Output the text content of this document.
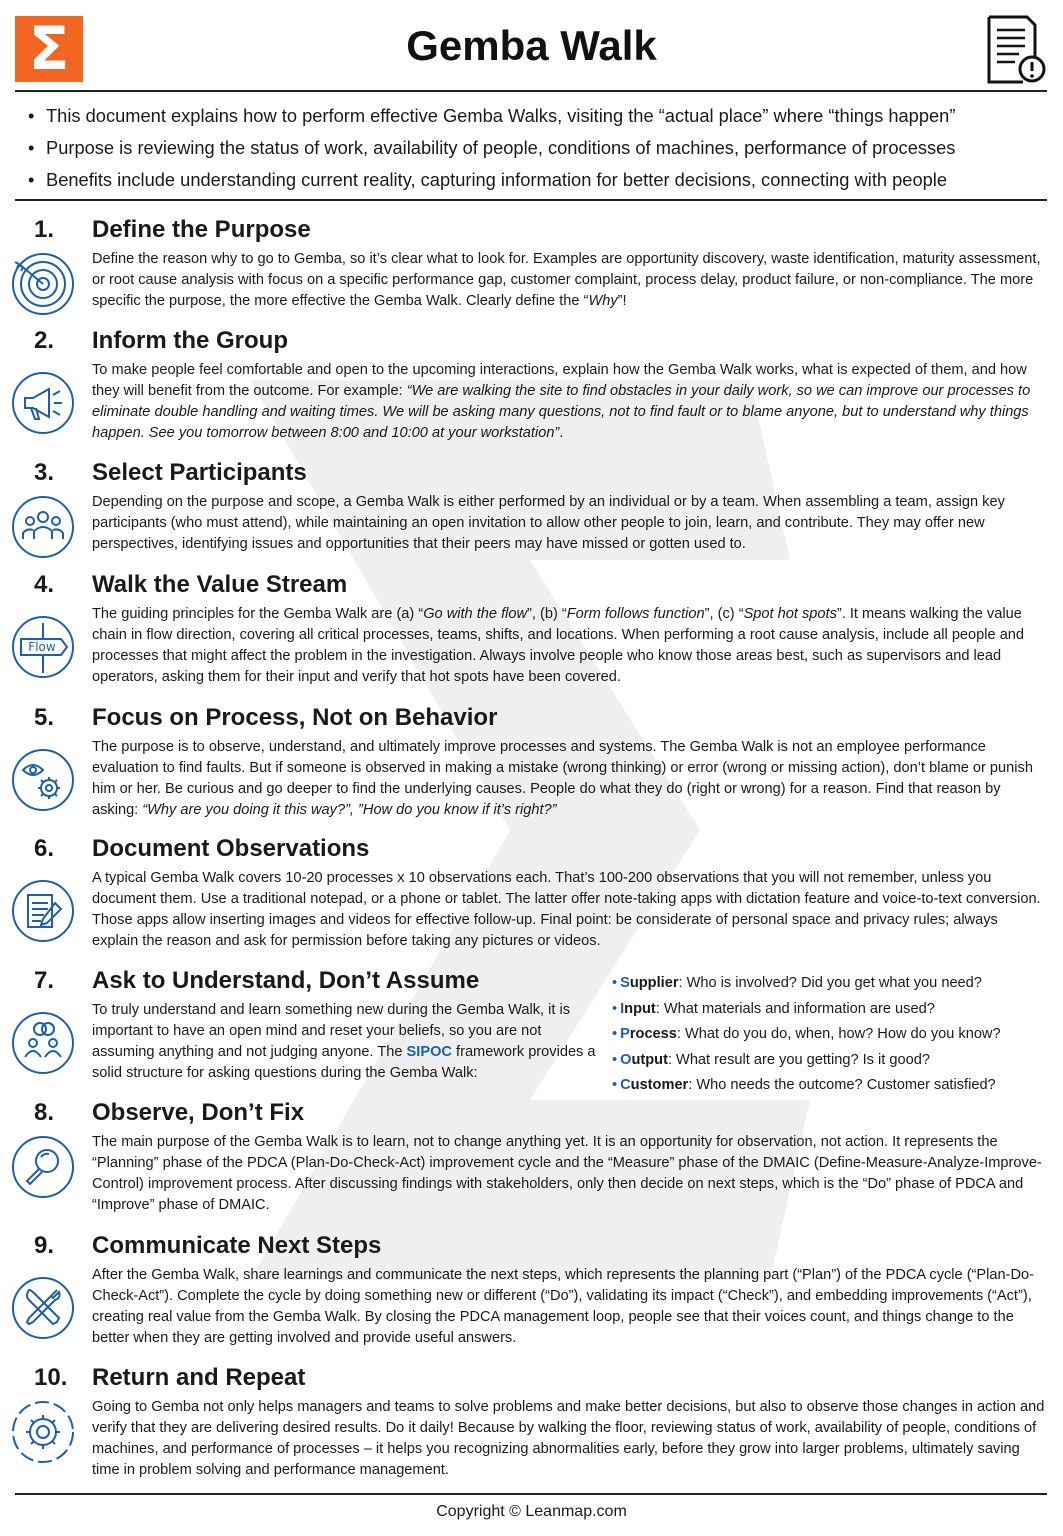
Σ	Gemba Walk
• This document explains how to perform effective Gemba Walks, visiting the “actual place” where “things happen”
• Purpose is reviewing the status of work, availability of people, conditions of machines, performance of processes
• Benefits include understanding current reality, capturing information for better decisions, connecting with people
1. Define the Purpose

Define the reason why to go to Gemba, so it’s clear what to look for. Examples are opportunity discovery, waste identification, maturity assessment, or root cause analysis with focus on a specific performance gap, customer complaint, process delay, product failure, or non-compliance. The more specific the purpose, the more effective the Gemba Walk. Clearly define the “Why”!

2. Inform the Group

To make people feel comfortable and open to the upcoming interactions, explain how the Gemba Walk works, what is expected of them, and how they will benefit from the outcome. For example: “We are walking the site to find obstacles in your daily work, so we can improve our processes to eliminate double handling and waiting times. We will be asking many questions, not to find fault or to blame anyone, but to understand why things happen. See you tomorrow between 8:00 and 10:00 at your workstation”.

3. Select Participants

Depending on the purpose and scope, a Gemba Walk is either performed by an individual or by a team. When assembling a team, assign key participants (who must attend), while maintaining an open invitation to allow other people to join, learn, and contribute. They may offer new perspectives, identifying issues and opportunities that their peers may have missed or gotten used to.

4. Walk the Value Stream
Flow

The guiding principles for the Gemba Walk are (a) “Go with the flow”, (b) “Form follows function”, (c) “Spot hot spots”. It means walking the value chain in flow direction, covering all critical processes, teams, shifts, and locations. When performing a root cause analysis, include all people and processes that might affect the problem in the investigation. Always involve people who know those areas best, such as supervisors and lead operators, asking them for their input and verify that hot spots have been covered.

5. Focus on Process, Not on Behavior

The purpose is to observe, understand, and ultimately improve processes and systems. The Gemba Walk is not an employee performance evaluation to find faults. But if someone is observed in making a mistake (wrong thinking) or error (wrong or missing action), don’t blame or punish him or her. Be curious and go deeper to find the underlying causes. People do what they do (right or wrong) for a reason. Find that reason by asking: “Why are you doing it this way?”, ”How do you know if it’s right?”

6. Document Observations

A typical Gemba Walk covers 10-20 processes x 10 observations each. That’s 100-200 observations that you will not remember, unless you document them. Use a traditional notepad, or a phone or tablet. The latter offer note-taking apps with dictation feature and voice-to-text conversion. Those apps allow inserting images and videos for effective follow-up. Final point: be considerate of personal space and privacy rules; always explain the reason and ask for permission before taking any pictures or videos.

7. Ask to Understand, Don’t Assume

To truly understand and learn something new during the Gemba Walk, it is important to have an open mind and reset your beliefs, so you are not assuming anything and not judging anyone. The SIPOC framework provides a solid structure for asking questions during the Gemba Walk:

• Supplier: Who is involved? Did you get what you need?
• Input: What materials and information are used?
• Process: What do you do, when, how? How do you know?
• Output: What result are you getting? Is it good?
• Customer: Who needs the outcome? Customer satisfied?
8. Observe, Don’t Fix

The main purpose of the Gemba Walk is to learn, not to change anything yet. It is an opportunity for observation, not action. It represents the “Planning” phase of the PDCA (Plan-Do-Check-Act) improvement cycle and the “Measure” phase of the DMAIC (Define-Measure-Analyze-Improve-Control) improvement process. After discussing findings with stakeholders, only then decide on next steps, which is the “Do” phase of PDCA and “Improve” phase of DMAIC.

9. Communicate Next Steps

After the Gemba Walk, share learnings and communicate the next steps, which represents the planning part (“Plan”) of the PDCA cycle (“Plan-Do-Check-Act”). Complete the cycle by doing something new or different (“Do”), validating its impact (“Check”), and embedding improvements (“Act”), creating real value from the Gemba Walk. By closing the PDCA management loop, people see that their voices count, and things change to the better when they are getting involved and provide useful answers.

10. Return and Repeat

Going to Gemba not only helps managers and teams to solve problems and make better decisions, but also to observe those changes in action and verify that they are delivering desired results. Do it daily! Because by walking the floor, reviewing status of work, availability of people, conditions of machines, and performance of processes – it helps you recognizing abnormalities early, before they grow into larger problems, ultimately saving time in problem solving and performance management.

Copyright © Leanmap.com
